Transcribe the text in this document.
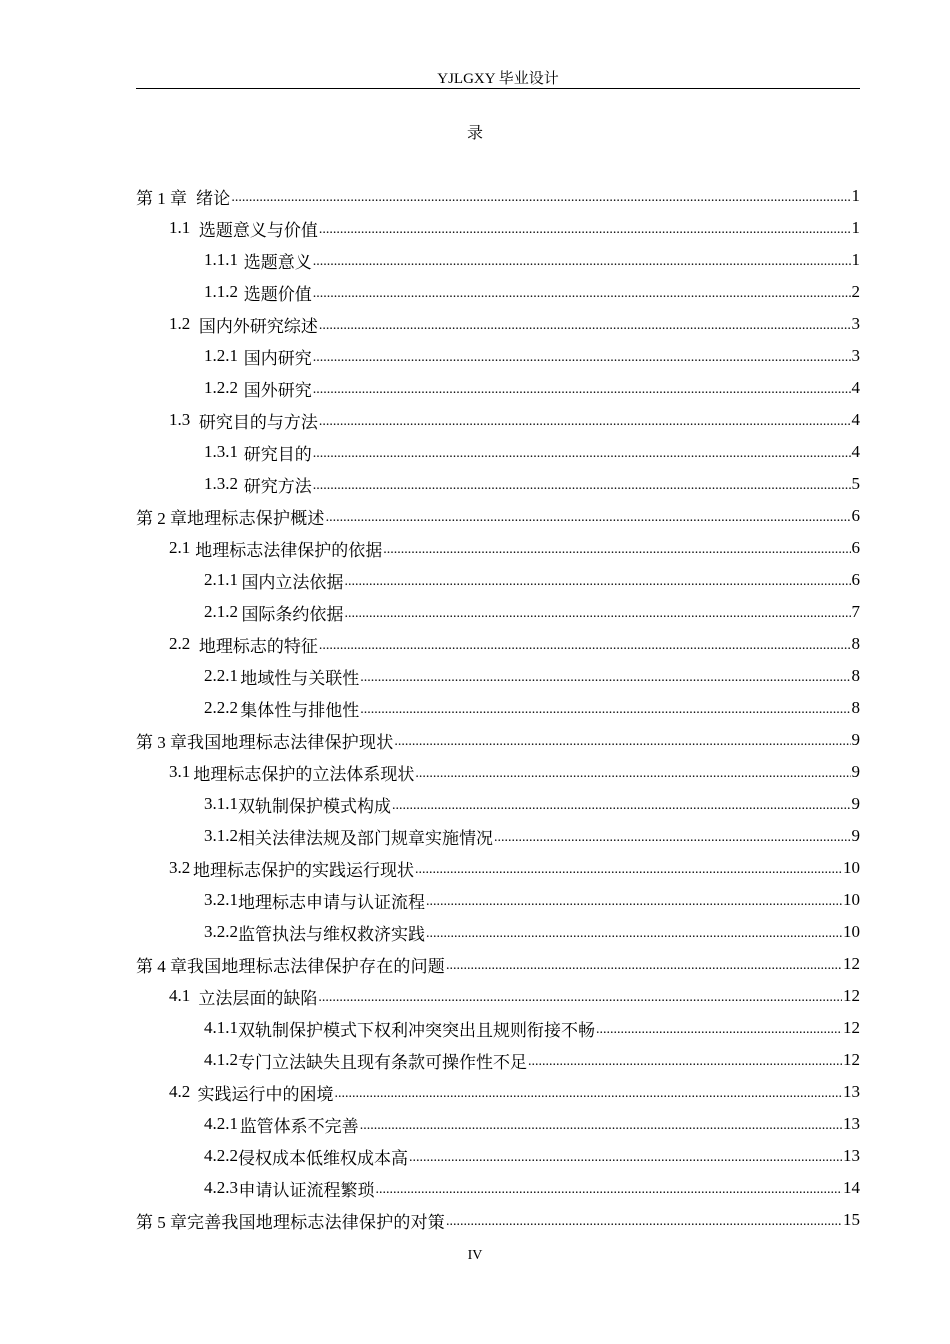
YJLGXY 毕业设计
录
第 1 章 绪论 .....	1
1.1 选题意义与价值 .....	1
1.1.1 选题意义 .....	1
1.1.2 选题价值 .....	2
1.2 国内外研究综述 .....	3
1.2.1 国内研究 .....	3
1.2.2 国外研究 .....	4
1.3 研究目的与方法 .....	4
1.3.1 研究目的 .....	4
1.3.2 研究方法 .....	5
第 2 章 地理标志保护概述 .....	6
2.1 地理标志法律保护的依据 .....	6
2.1.1 国内立法依据 .....	6
2.1.2 国际条约依据 .....	7
2.2 地理标志的特征 .....	8
2.2.1 地域性与关联性 .....	8
2.2.2 集体性与排他性 .....	8
第 3 章 我国地理标志法律保护现状 .....	9
3.1 地理标志保护的立法体系现状 .....	9
3.1.1 双轨制保护模式构成 .....	9
3.1.2 相关法律法规及部门规章实施情况 .....	9
3.2 地理标志保护的实践运行现状 .....	10
3.2.1 地理标志申请与认证流程 .....	10
3.2.2 监管执法与维权救济实践 .....	10
第 4 章 我国地理标志法律保护存在的问题 .....	12
4.1 立法层面的缺陷 .....	12
4.1.1 双轨制保护模式下权利冲突突出且规则衔接不畅 .....	12
4.1.2 专门立法缺失且现有条款可操作性不足 .....	12
4.2 实践运行中的困境 .....	13
4.2.1 监管体系不完善 .....	13
4.2.2 侵权成本低维权成本高 .....	13
4.2.3 申请认证流程繁琐 .....	14
第 5 章 完善我国地理标志法律保护的对策 .....	15
IV
